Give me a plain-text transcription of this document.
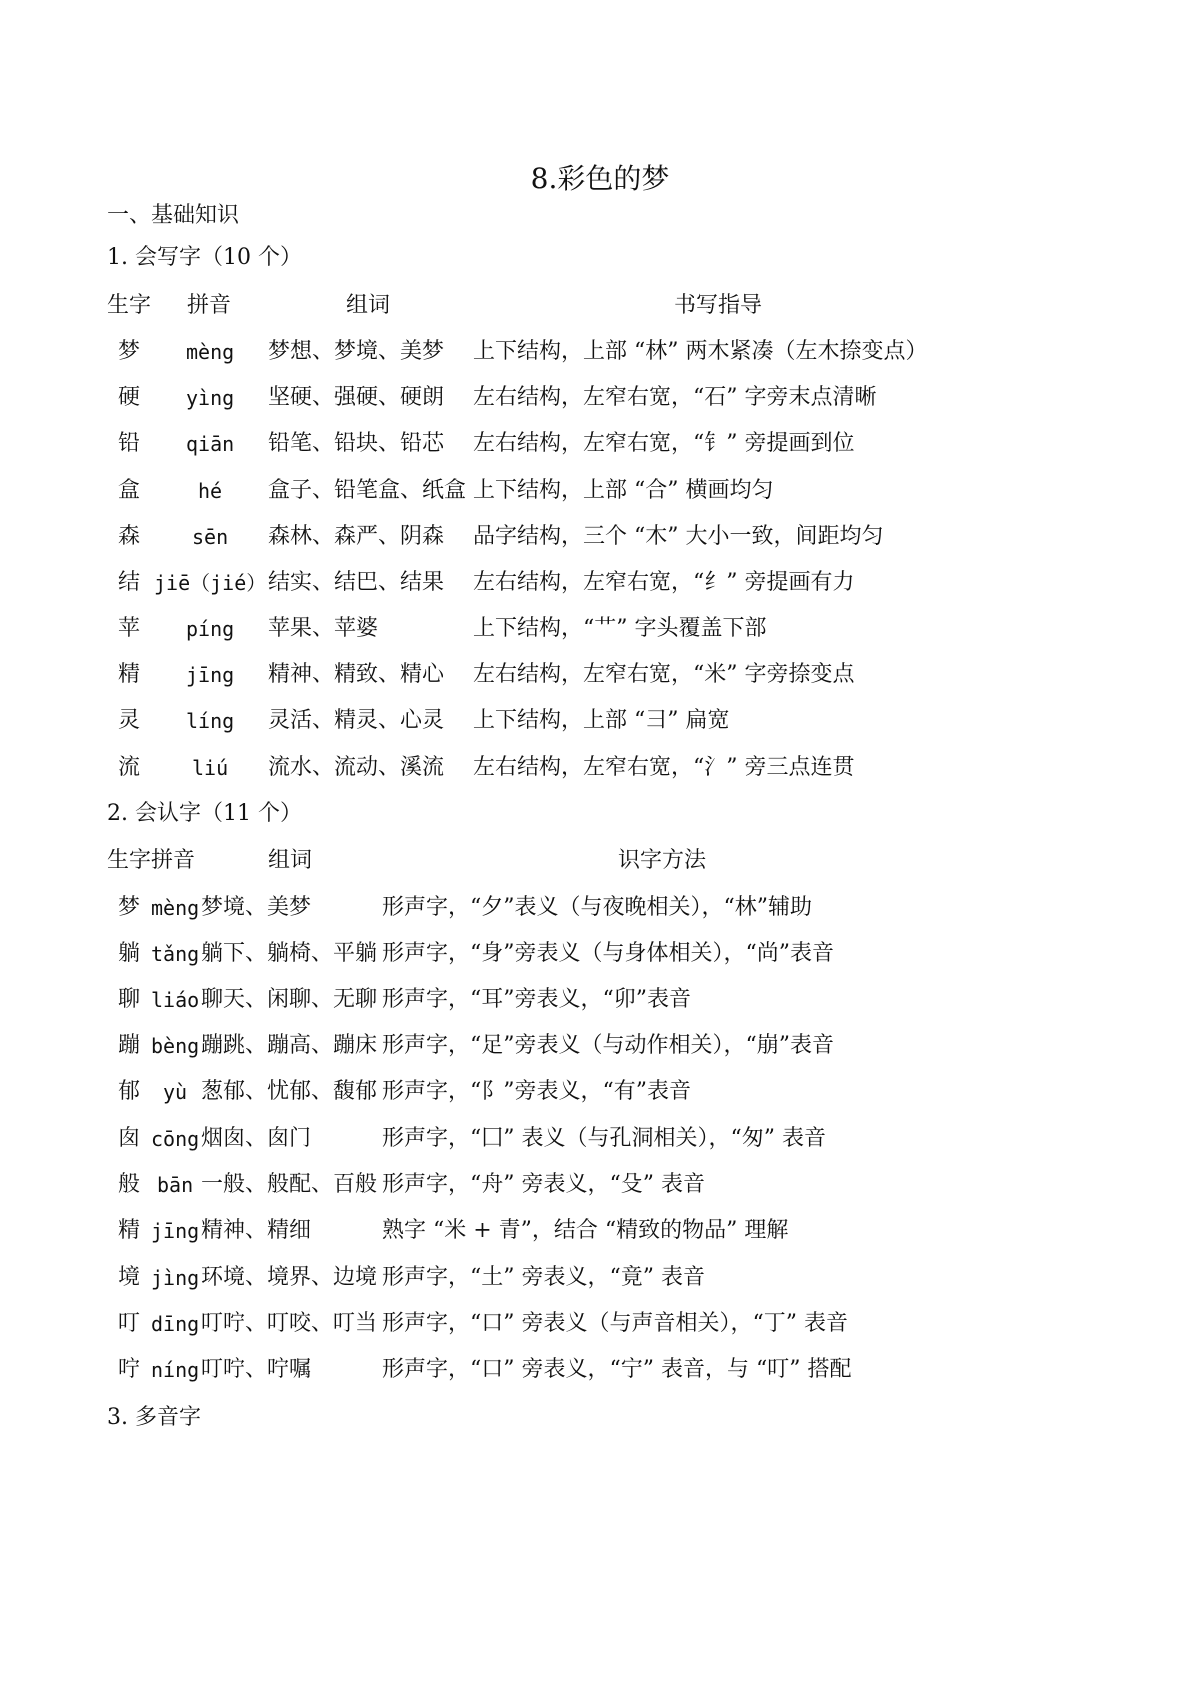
8.彩色的梦
一、基础知识
1. 会写字（10 个）
生字 拼音	组词	书写指导
梦 mèng 梦想、梦境、美梦 上下结构，上部 “林” 两木紧凑（左木捺变点）
硬 yìng 坚硬、强硬、硬朗 左右结构，左窄右宽，“石” 字旁末点清晰
铅 qiān 铅笔、铅块、铅芯 左右结构，左窄右宽，“钅” 旁提画到位
盒	hé 盒子、铅笔盒、纸盒 上下结构，上部 “合” 横画均匀
森	sēn 森林、森严、阴森 品字结构，三个 “木” 大小一致，间距均匀
结 jiē（jié） 结实、结巴、结果 左右结构，左窄右宽，“纟” 旁提画有力
苹 píng 苹果、苹婆	上下结构，“艹” 字头覆盖下部
精 jīng 精神、精致、精心 左右结构，左窄右宽，“米” 字旁捺变点
灵 líng 灵活、精灵、心灵 上下结构，上部 “彐” 扁宽
流	liú 流水、流动、溪流 左右结构，左窄右宽，“氵” 旁三点连贯
2. 会认字（11 个）
生字 拼音	组词	识字方法
梦 mèng 梦境、美梦	形声字，“夕”表义（与夜晚相关），“林”辅助
躺 tǎng 躺下、躺椅、平躺 形声字，“身”旁表义（与身体相关），“尚”表音
聊 liáo 聊天、闲聊、无聊 形声字，“耳”旁表义，“卯”表音
蹦 bèng 蹦跳、蹦高、蹦床 形声字，“足”旁表义（与动作相关），“崩”表音
郁 yù 葱郁、忧郁、馥郁 形声字，“阝”旁表义，“有”表音
囱 cōng 烟囱、囱门	形声字，“囗” 表义（与孔洞相关），“匆” 表音
般 bān 一般、般配、百般 形声字，“舟” 旁表义，“殳” 表音
精 jīng 精神、精细	熟字 “米 + 青”，结合 “精致的物品” 理解
境 jìng 环境、境界、边境 形声字，“土” 旁表义，“竟” 表音
叮 dīng 叮咛、叮咬、叮当 形声字，“口” 旁表义（与声音相关），“丁” 表音
咛 níng 叮咛、咛嘱	形声字，“口” 旁表义，“宁” 表音，与 “叮” 搭配
3. 多音字
